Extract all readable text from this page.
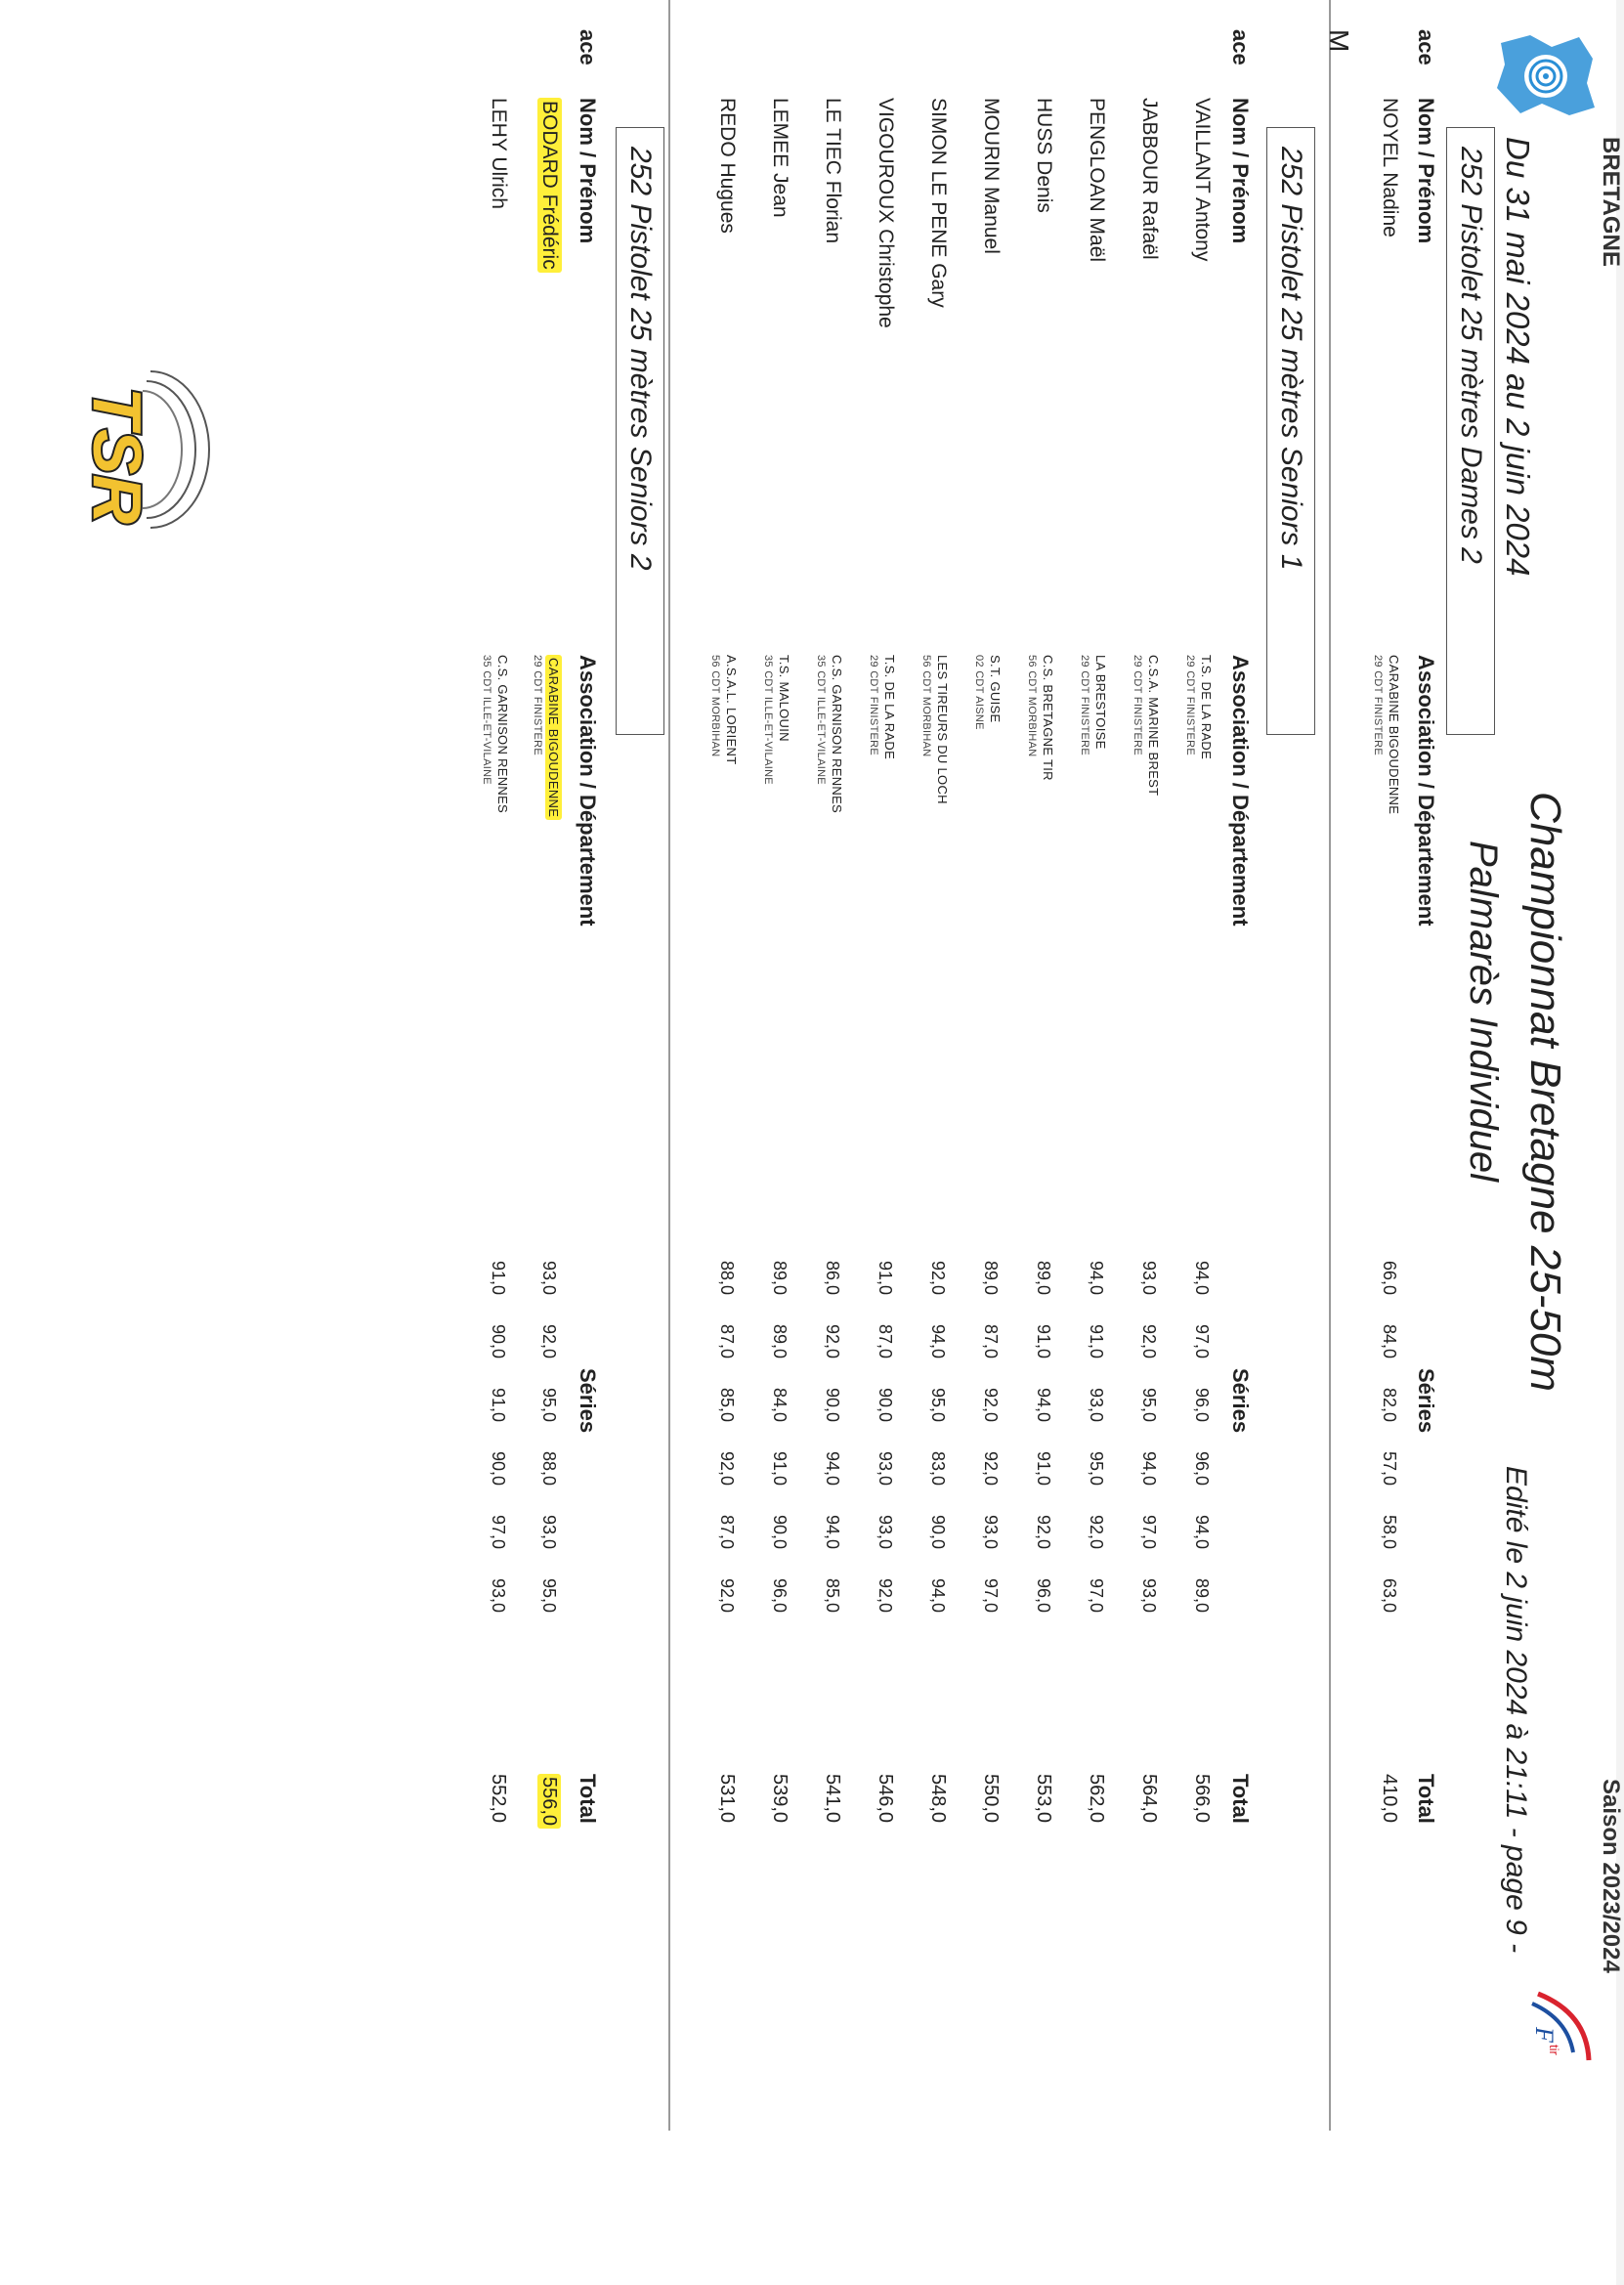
BRETAGNE
Saison 2023/2024
Championnat Bretagne 25-50m
Palmarès Individuel
Du 31 mai 2024 au 2 juin 2024
Edité le 2 juin 2024 à 21:11 - page 9 -
F
tir
252 Pistolet 25 mètres Dames 2
ace
Nom / Prénom
Association / Département
Séries
Total
NOYEL Nadine
CARABINE BIGOUDENNE
29 CDT FINISTERE
66,0
84,0
82,0
57,0
58,0
63,0
410,0
252 Pistolet 25 mètres Seniors 1
ace
Nom / Prénom
Association / Département
Séries
Total
M
VAILLANT Antony
T.S. DE LA RADE
29 CDT FINISTERE
94,0
97,0
96,0
96,0
94,0
89,0
566,0
JABBOUR Rafaël
C.S.A. MARINE BREST
29 CDT FINISTERE
93,0
92,0
95,0
94,0
97,0
93,0
564,0
PENGLOAN Maël
LA BRESTOISE
29 CDT FINISTERE
94,0
91,0
93,0
95,0
92,0
97,0
562,0
HUSS Denis
C.S. BRETAGNE TIR
56 CDT MORBIHAN
89,0
91,0
94,0
91,0
92,0
96,0
553,0
MOURIN Manuel
S.T. GUISE
02 CDT AISNE
89,0
87,0
92,0
92,0
93,0
97,0
550,0
SIMON LE PENE Gary
LES TIREURS DU LOCH
56 CDT MORBIHAN
92,0
94,0
95,0
83,0
90,0
94,0
548,0
VIGOUROUX Christophe
T.S. DE LA RADE
29 CDT FINISTERE
91,0
87,0
90,0
93,0
93,0
92,0
546,0
LE TIEC Florian
C.S. GARNISON RENNES
35 CDT ILLE-ET-VILAINE
86,0
92,0
90,0
94,0
94,0
85,0
541,0
LEMEE Jean
T.S. MALOUIN
35 CDT ILLE-ET-VILAINE
89,0
89,0
84,0
91,0
90,0
96,0
539,0
REDO Hugues
A.S.A.L. LORIENT
56 CDT MORBIHAN
88,0
87,0
85,0
92,0
87,0
92,0
531,0
252 Pistolet 25 mètres Seniors 2
ace
Nom / Prénom
Association / Département
Séries
Total
BODARD Frédéric
CARABINE BIGOUDENNE
29 CDT FINISTERE
93,0
92,0
95,0
88,0
93,0
95,0
556,0
LEHY Ulrich
C.S. GARNISON RENNES
35 CDT ILLE-ET-VILAINE
91,0
90,0
91,0
90,0
97,0
93,0
552,0
TSR
